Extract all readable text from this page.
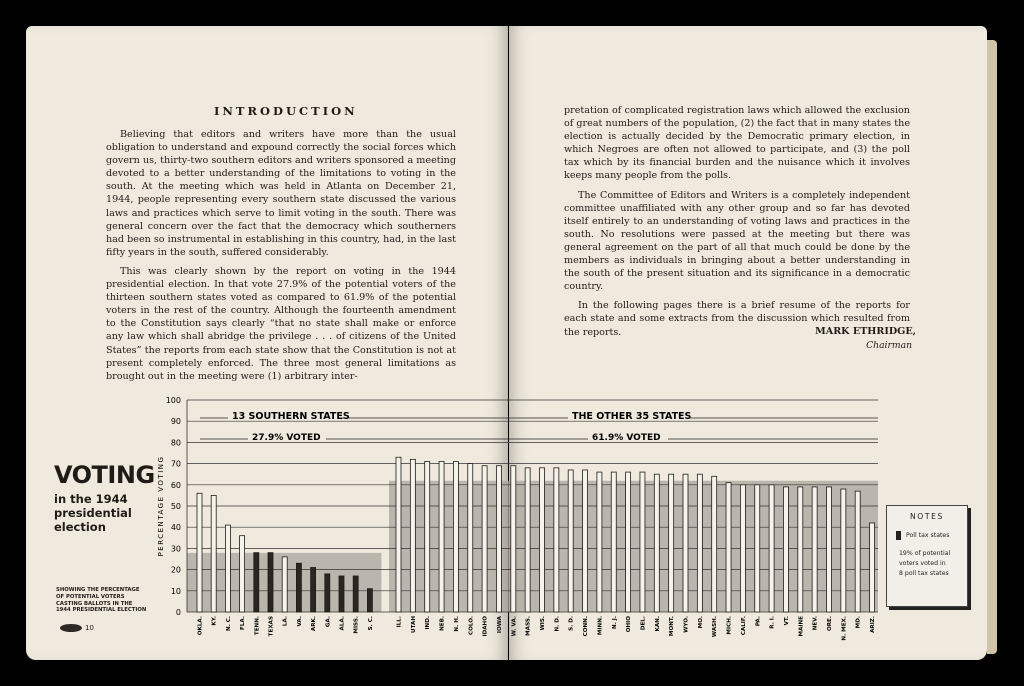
INTRODUCTION

Believing that editors and writers have more than the usual obligation to understand and expound correctly the social forces which govern us, thirty-two southern editors and writers sponsored a meeting devoted to a better understanding of the limitations to voting in the south. At the meeting which was held in Atlanta on December 21, 1944, people representing every southern state discussed the various laws and practices which serve to limit voting in the south. There was general concern over the fact that the democracy which southerners had been so instrumental in establishing in this country, had, in the last fifty years in the south, suffered considerably.

This was clearly shown by the report on voting in the 1944 presidential election. In that vote 27.9% of the potential voters of the thirteen southern states voted as compared to 61.9% of the potential voters in the rest of the country. Although the fourteenth amendment to the Constitution says clearly “that no state shall make or enforce any law which shall abridge the privilege . . . of citizens of the United States” the reports from each state show that the Constitution is not at present completely enforced. The three most general limitations as brought out in the meeting were (1) arbitrary inter-

pretation of complicated registration laws which allowed the exclusion of great numbers of the population, (2) the fact that in many states the election is actually decided by the Democratic primary election, in which Negroes are often not allowed to participate, and (3) the poll tax which by its financial burden and the nuisance which it involves keeps many people from the polls.

The Committee of Editors and Writers is a completely independent committee unaffiliated with any other group and so far has devoted itself entirely to an understanding of voting laws and practices in the south. No resolutions were passed at the meeting but there was general agreement on the part of all that much could be done by the members as individuals in bringing about a better understanding in the south of the present situation and its significance in a democratic country.

In the following pages there is a brief resume of the reports for each state and some extracts from the discussion which resulted from the reports.	MARK ETHRIDGE,
Chairman
VOTING
in the 1944 presidential election
SHOWING THE PERCENTAGE OF POTENTIAL VOTERS CASTING BALLOTS IN THE 1944 PRESIDENTIAL ELECTION
10
0
10
20
30
40
50
60
70
80
90
100
PERCENTAGE VOTING
OKLA. KY. N. C. FLA. TENN. TEXAS LA. VA. ARK. GA. ALA. MISS. S. C.	ILL. UTAH IND. NEB. N. H. COLO. IDAHO IOWA W. VA. MASS. WIS. N. D. S. D. CONN. MINN. N. J. OHIO DEL. KAN. MONT. WYO. MO. WASH. MICH. CALIF. PA. R. I. VT. MAINE NEV. ORE. N. MEX. MD. ARIZ.
13 SOUTHERN STATES	THE OTHER 35 STATES
27.9% VOTED	61.9% VOTED
NOTES
Poll tax states
19% of potential
voters voted in
8 poll tax states
